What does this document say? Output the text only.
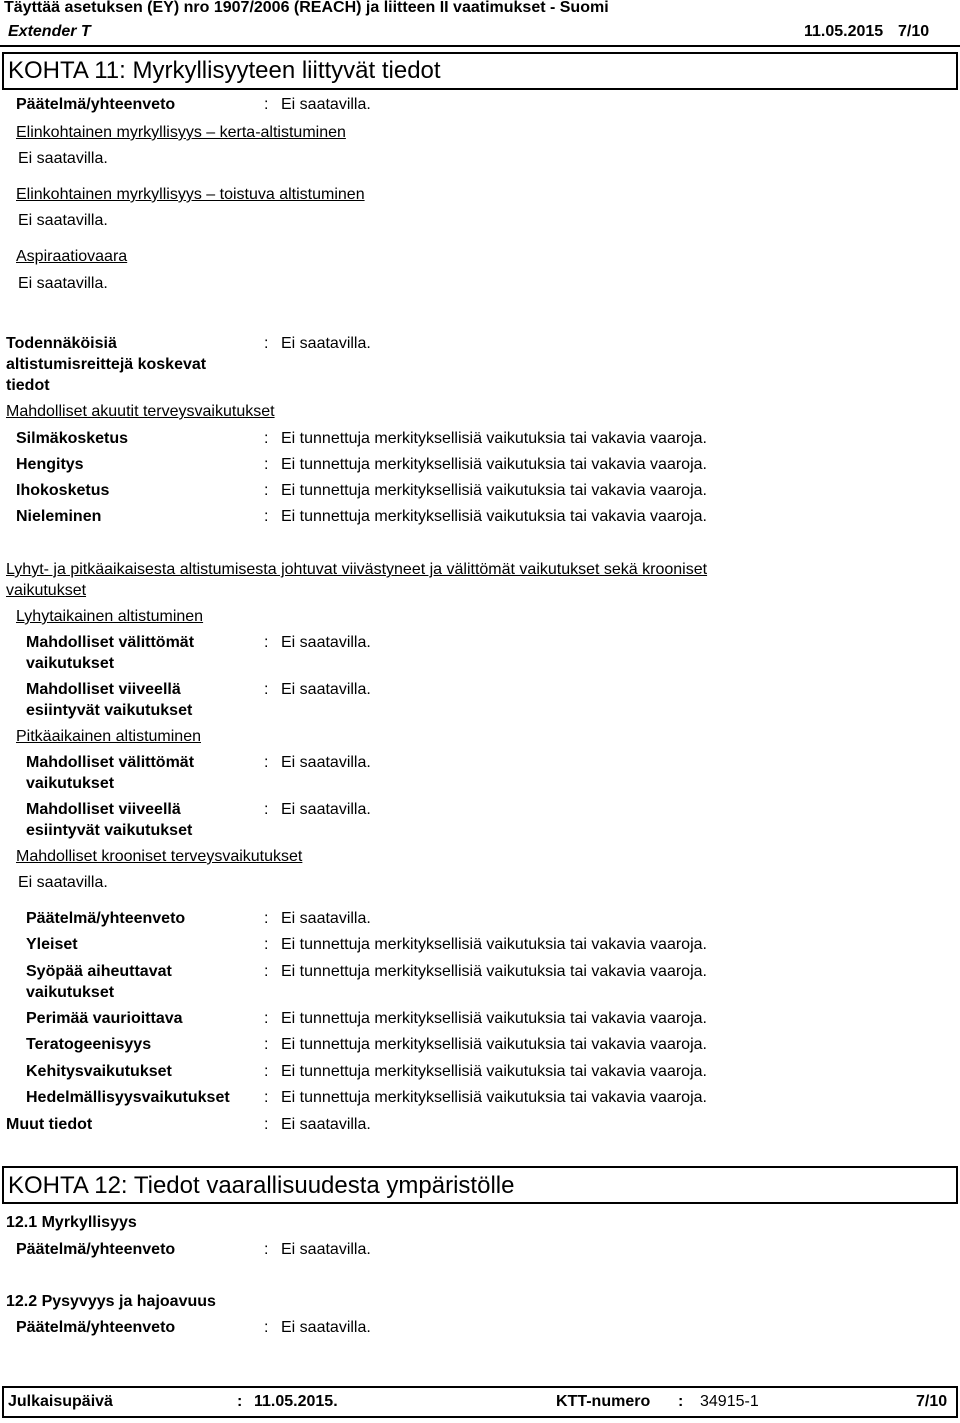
Täyttää asetuksen (EY) nro 1907/2006 (REACH) ja liitteen II vaatimukset - Suomi
Extender T	11.05.2015 7/10
KOHTA 11: Myrkyllisyyteen liittyvät tiedot
Päätelmä/yhteenveto	: Ei saatavilla.
Elinkohtainen myrkyllisyys – kerta-altistuminen
Ei saatavilla.
Elinkohtainen myrkyllisyys – toistuva altistuminen
Ei saatavilla.
Aspiraatiovaara
Ei saatavilla.
Todennäköisiä
altistumisreittejä koskevat
tiedot
: Ei saatavilla.
Mahdolliset akuutit terveysvaikutukset
Silmäkosketus	: Ei tunnettuja merkityksellisiä vaikutuksia tai vakavia vaaroja.
Hengitys	: Ei tunnettuja merkityksellisiä vaikutuksia tai vakavia vaaroja.
Ihokosketus	: Ei tunnettuja merkityksellisiä vaikutuksia tai vakavia vaaroja.
Nieleminen	: Ei tunnettuja merkityksellisiä vaikutuksia tai vakavia vaaroja.
Lyhyt- ja pitkäaikaisesta altistumisesta johtuvat viivästyneet ja välittömät vaikutukset sekä krooniset
vaikutukset
Lyhytaikainen altistuminen
Mahdolliset välittömät
vaikutukset
: Ei saatavilla.
Mahdolliset viiveellä
esiintyvät vaikutukset
: Ei saatavilla.
Pitkäaikainen altistuminen
Mahdolliset välittömät
vaikutukset
: Ei saatavilla.
Mahdolliset viiveellä
esiintyvät vaikutukset
: Ei saatavilla.
Mahdolliset krooniset terveysvaikutukset
Ei saatavilla.
Päätelmä/yhteenveto	: Ei saatavilla.
Yleiset	: Ei tunnettuja merkityksellisiä vaikutuksia tai vakavia vaaroja.
Syöpää aiheuttavat
vaikutukset
: Ei tunnettuja merkityksellisiä vaikutuksia tai vakavia vaaroja.
Perimää vaurioittava	: Ei tunnettuja merkityksellisiä vaikutuksia tai vakavia vaaroja.
Teratogeenisyys	: Ei tunnettuja merkityksellisiä vaikutuksia tai vakavia vaaroja.
Kehitysvaikutukset	: Ei tunnettuja merkityksellisiä vaikutuksia tai vakavia vaaroja.
Hedelmällisyysvaikutukset : Ei tunnettuja merkityksellisiä vaikutuksia tai vakavia vaaroja.
Muut tiedot	: Ei saatavilla.
KOHTA 12: Tiedot vaarallisuudesta ympäristölle
12.1 Myrkyllisyys
Päätelmä/yhteenveto	: Ei saatavilla.
12.2 Pysyvyys ja hajoavuus
Päätelmä/yhteenveto	: Ei saatavilla.
Julkaisupäivä	: 11.05.2015.	KTT-numero : 34915-1	7/10
